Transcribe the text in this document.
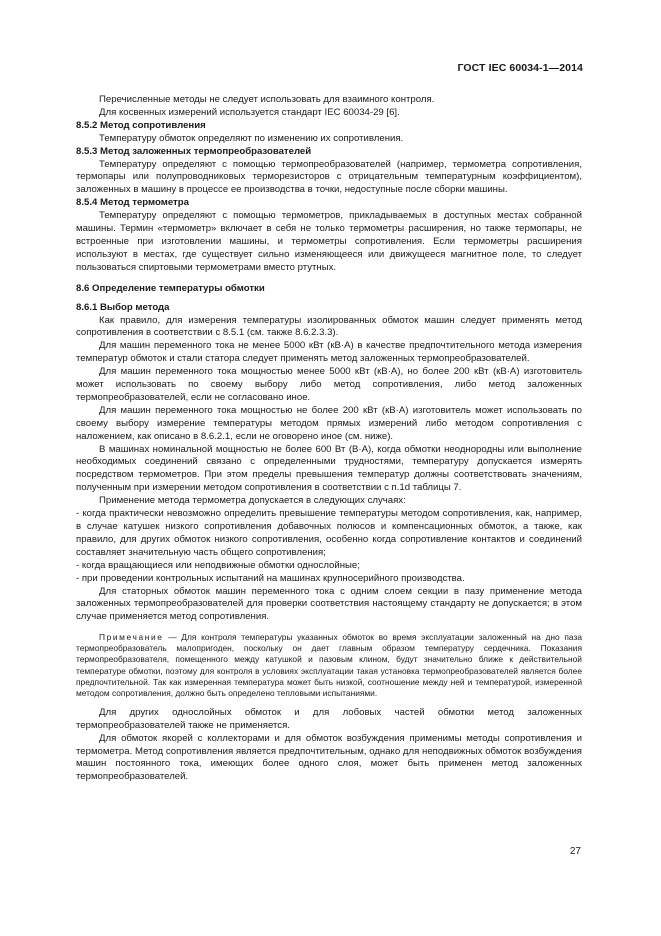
ГОСТ IEC 60034-1—2014

Перечисленные методы не следует использовать для взаимного контроля.

Для косвенных измерений используется стандарт IEC 60034-29 [6].

8.5.2 Метод сопротивления

Температуру обмоток определяют по изменению их сопротивления.

8.5.3 Метод заложенных термопреобразователей

Температуру определяют с помощью термопреобразователей (например, термометра сопротивления, термопары или полупроводниковых терморезисторов с отрицательным температурным коэффициентом), заложенных в машину в процессе ее производства в точки, недоступные после сборки машины.

8.5.4 Метод термометра

Температуру определяют с помощью термометров, прикладываемых в доступных местах собранной машины. Термин «термометр» включает в себя не только термометры расширения, но также термопары, не встроенные при изготовлении машины, и термометры сопротивления. Если термометры расширения используют в местах, где существует сильно изменяющееся или движущееся магнитное поле, то следует пользоваться спиртовыми термометрами вместо ртутных.

8.6 Определение температуры обмотки

8.6.1 Выбор метода

Как правило, для измерения температуры изолированных обмоток машин следует применять метод сопротивления в соответствии с 8.5.1 (см. также 8.6.2.3.3).

Для машин переменного тока не менее 5000 кВт (кВ·А) в качестве предпочтительного метода измерения температур обмоток и стали статора следует применять метод заложенных термопреобразователей.

Для машин переменного тока мощностью менее 5000 кВт (кВ·А), но более 200 кВт (кВ·А) изготовитель может использовать по своему выбору либо метод сопротивления, либо метод заложенных термопреобразователей, если не согласовано иное.

Для машин переменного тока мощностью не более 200 кВт (кВ·А) изготовитель может использовать по своему выбору измерение температуры методом прямых измерений либо методом сопротивления с наложением, как описано в 8.6.2.1, если не оговорено иное (см. ниже).

В машинах номинальной мощностью не более 600 Вт (В·А), когда обмотки неоднородны или выполнение необходимых соединений связано с определенными трудностями, температуру допускается измерять посредством термометров. При этом пределы превышения температур должны соответствовать значениям, полученным при измерении методом сопротивления в соответствии с п.1d таблицы 7.

Применение метода термометра допускается в следующих случаях:

- когда практически невозможно определить превышение температуры методом сопротивления, как, например, в случае катушек низкого сопротивления добавочных полюсов и компенсационных обмоток, а также, как правило, для других обмоток низкого сопротивления, особенно когда сопротивление контактов и соединений составляет значительную часть общего сопротивления;

- когда вращающиеся или неподвижные обмотки однослойные;

- при проведении контрольных испытаний на машинах крупносерийного производства.

Для статорных обмоток машин переменного тока с одним слоем секции в пазу применение метода заложенных термопреобразователей для проверки соответствия настоящему стандарту не допускается; в этом случае применяется метод сопротивления.

Примечание — Для контроля температуры указанных обмоток во время эксплуатации заложенный на дно паза термопреобразователь малопригоден, поскольку он дает главным образом температуру сердечника. Показания термопреобразователя, помещенного между катушкой и пазовым клином, будут значительно ближе к действительной температуре обмотки, поэтому для контроля в условиях эксплуатации такая установка термопреобразователей является более предпочтительной. Так как измеренная температура может быть низкой, соотношение между ней и температурой, измеренной методом сопротивления, должно быть определено тепловыми испытаниями.

Для других однослойных обмоток и для лобовых частей обмотки метод заложенных термопреобразователей также не применяется.

Для обмоток якорей с коллекторами и для обмоток возбуждения применимы методы сопротивления и термометра. Метод сопротивления является предпочтительным, однако для неподвижных обмоток возбуждения машин постоянного тока, имеющих более одного слоя, может быть применен метод заложенных термопреобразователей.

27
